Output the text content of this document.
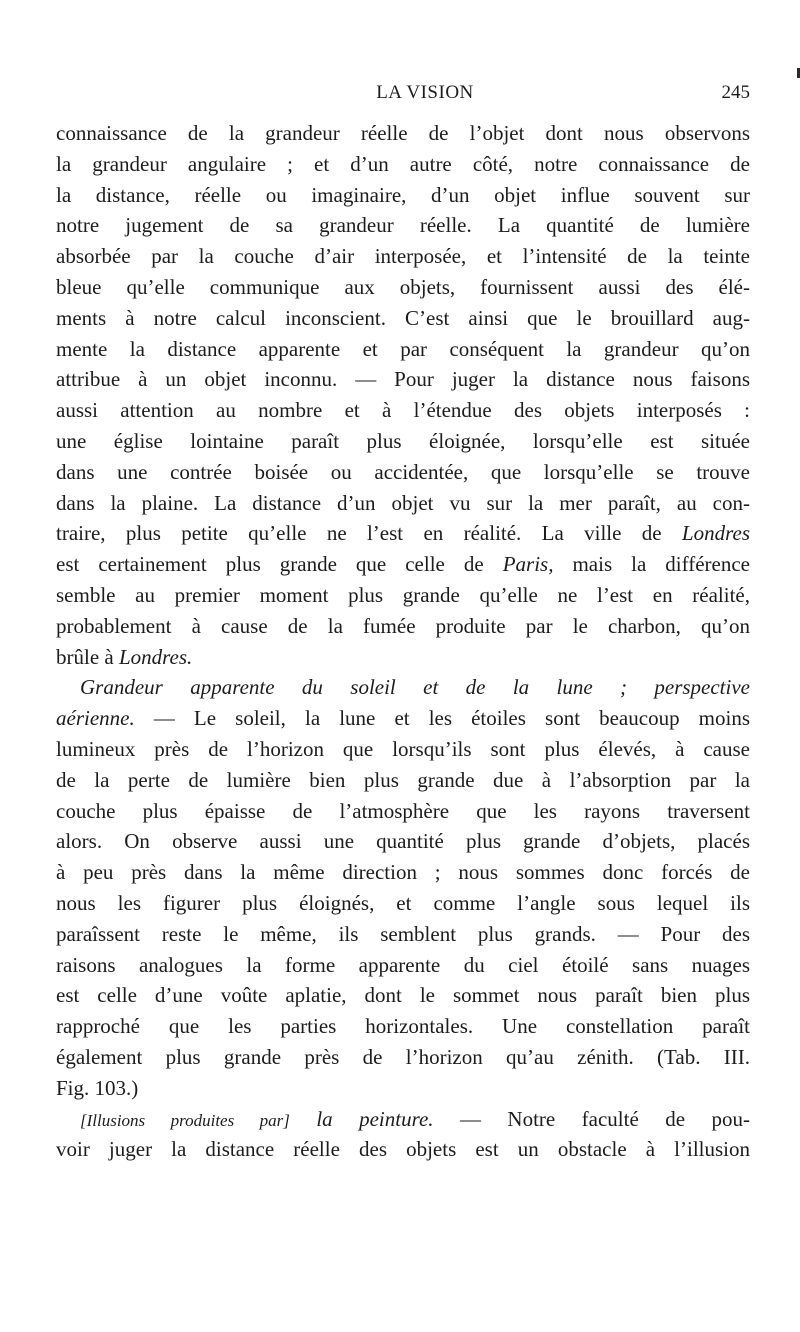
LA VISION	245
connaissance de la grandeur réelle de l’objet dont nous observons
la grandeur angulaire ; et d’un autre côté, notre connaissance de
la distance, réelle ou imaginaire, d’un objet influe souvent sur
notre jugement de sa grandeur réelle. La quantité de lumière
absorbée par la couche d’air interposée, et l’intensité de la teinte
bleue qu’elle communique aux objets, fournissent aussi des élé-
ments à notre calcul inconscient. C’est ainsi que le brouillard aug-
mente la distance apparente et par conséquent la grandeur qu’on
attribue à un objet inconnu. — Pour juger la distance nous faisons
aussi attention au nombre et à l’étendue des objets interposés :
une église lointaine paraît plus éloignée, lorsqu’elle est située
dans une contrée boisée ou accidentée, que lorsqu’elle se trouve
dans la plaine. La distance d’un objet vu sur la mer paraît, au con-
traire, plus petite qu’elle ne l’est en réalité. La ville de Londres
est certainement plus grande que celle de Paris, mais la différence
semble au premier moment plus grande qu’elle ne l’est en réalité,
probablement à cause de la fumée produite par le charbon, qu’on
brûle à Londres.
Grandeur apparente du soleil et de la lune ; perspective
aérienne. — Le soleil, la lune et les étoiles sont beaucoup moins
lumineux près de l’horizon que lorsqu’ils sont plus élevés, à cause
de la perte de lumière bien plus grande due à l’absorption par la
couche plus épaisse de l’atmosphère que les rayons traversent
alors. On observe aussi une quantité plus grande d’objets, placés
à peu près dans la même direction ; nous sommes donc forcés de
nous les figurer plus éloignés, et comme l’angle sous lequel ils
paraîssent reste le même, ils semblent plus grands. — Pour des
raisons analogues la forme apparente du ciel étoilé sans nuages
est celle d’une voûte aplatie, dont le sommet nous paraît bien plus
rapproché que les parties horizontales. Une constellation paraît
également plus grande près de l’horizon qu’au zénith. (Tab. III.
Fig. 103.)
[Illusions produites par] la peinture. — Notre faculté de pou-
voir juger la distance réelle des objets est un obstacle à l’illusion
